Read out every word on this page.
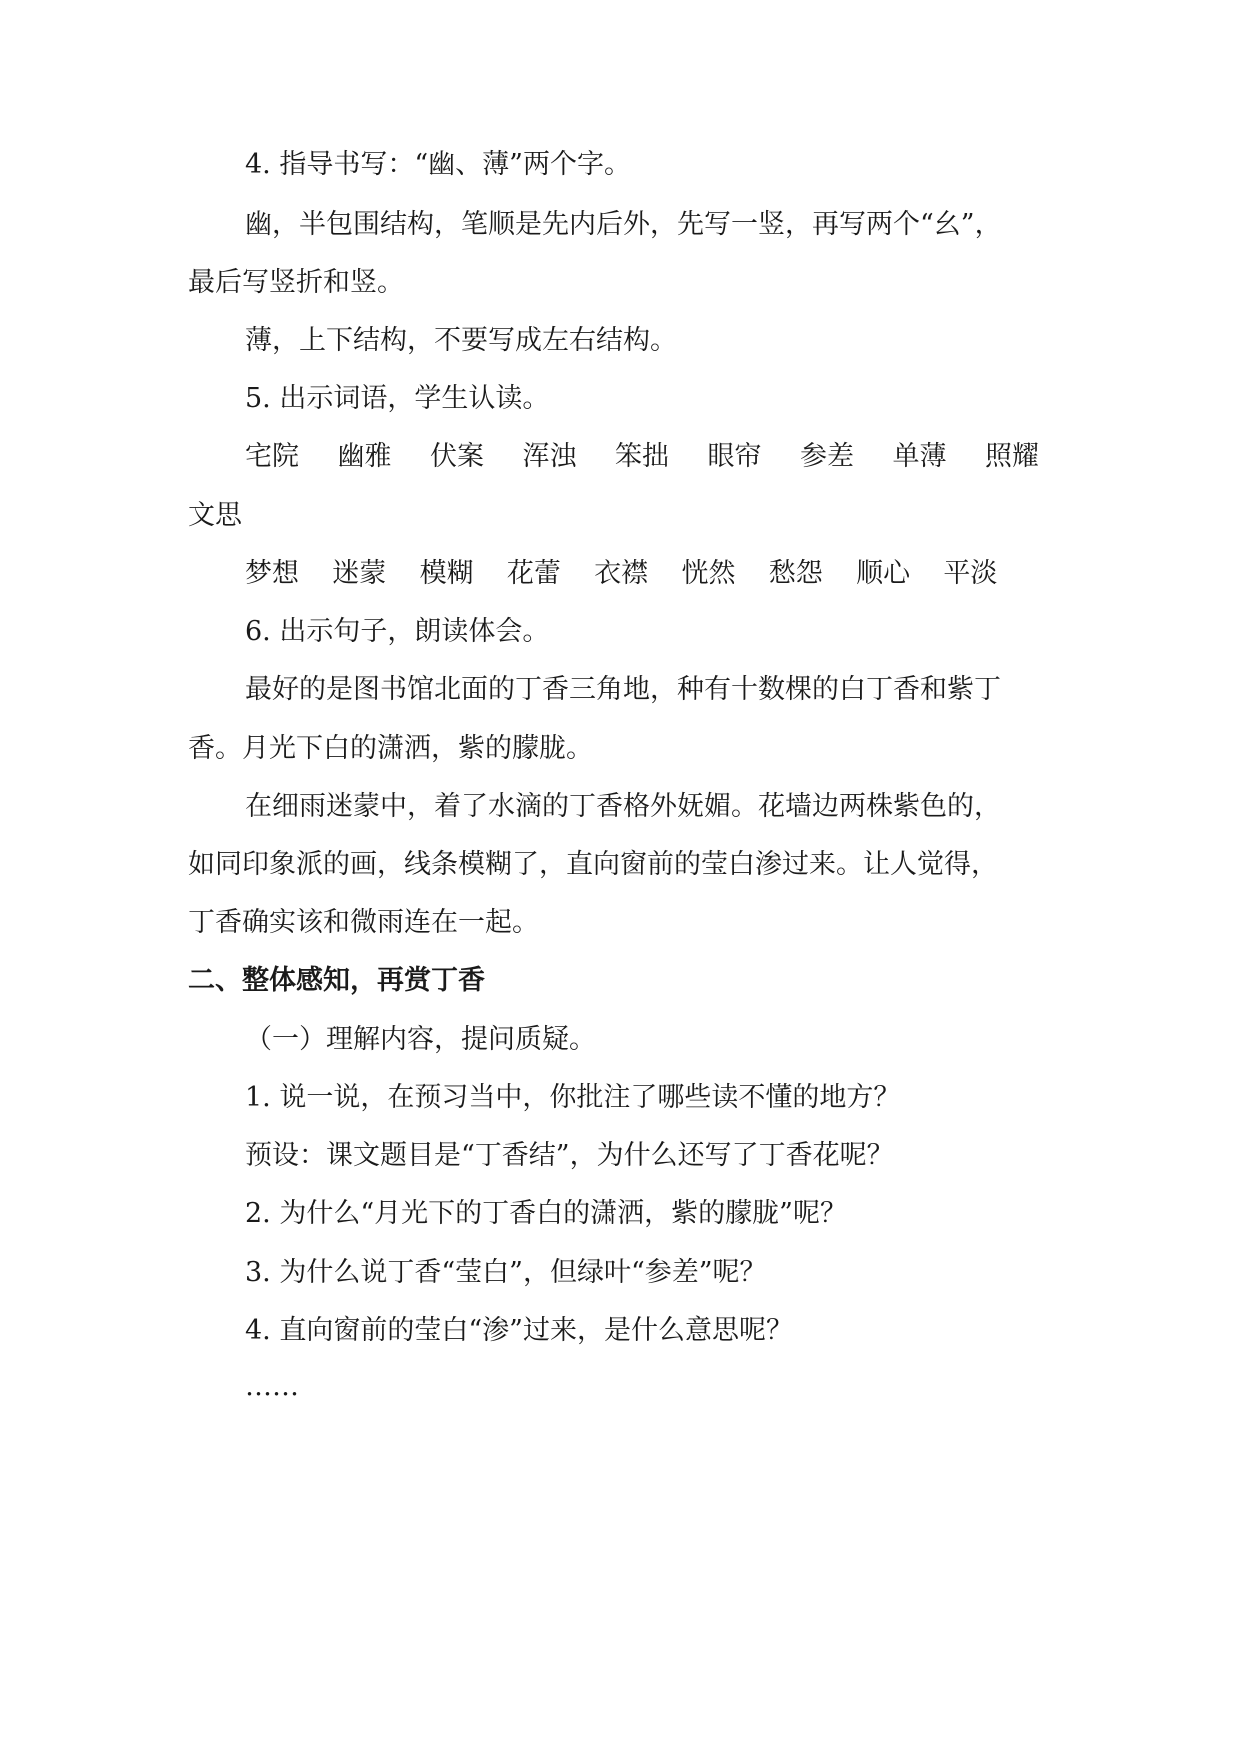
4. 指导书写：“幽、薄”两个字。
幽，半包围结构，笔顺是先内后外，先写一竖，再写两个“幺”，
最后写竖折和竖。
薄，上下结构，不要写成左右结构。
5. 出示词语，学生认读。
宅院	幽雅	伏案	浑浊	笨拙	眼帘	参差	单薄	照耀
文思
梦想	迷蒙	模糊	花蕾	衣襟	恍然	愁怨	顺心	平淡
6. 出示句子，朗读体会。
最好的是图书馆北面的丁香三角地，种有十数棵的白丁香和紫丁
香。月光下白的潇洒，紫的朦胧。
在细雨迷蒙中，着了水滴的丁香格外妩媚。花墙边两株紫色的，
如同印象派的画，线条模糊了，直向窗前的莹白渗过来。让人觉得，
丁香确实该和微雨连在一起。
二、整体感知，再赏丁香
（一）理解内容，提问质疑。
1. 说一说，在预习当中，你批注了哪些读不懂的地方？
预设：课文题目是“丁香结”，为什么还写了丁香花呢？
2. 为什么“月光下的丁香白的潇洒，紫的朦胧”呢？
3. 为什么说丁香“莹白”，但绿叶“参差”呢？
4. 直向窗前的莹白“渗”过来，是什么意思呢？
……
